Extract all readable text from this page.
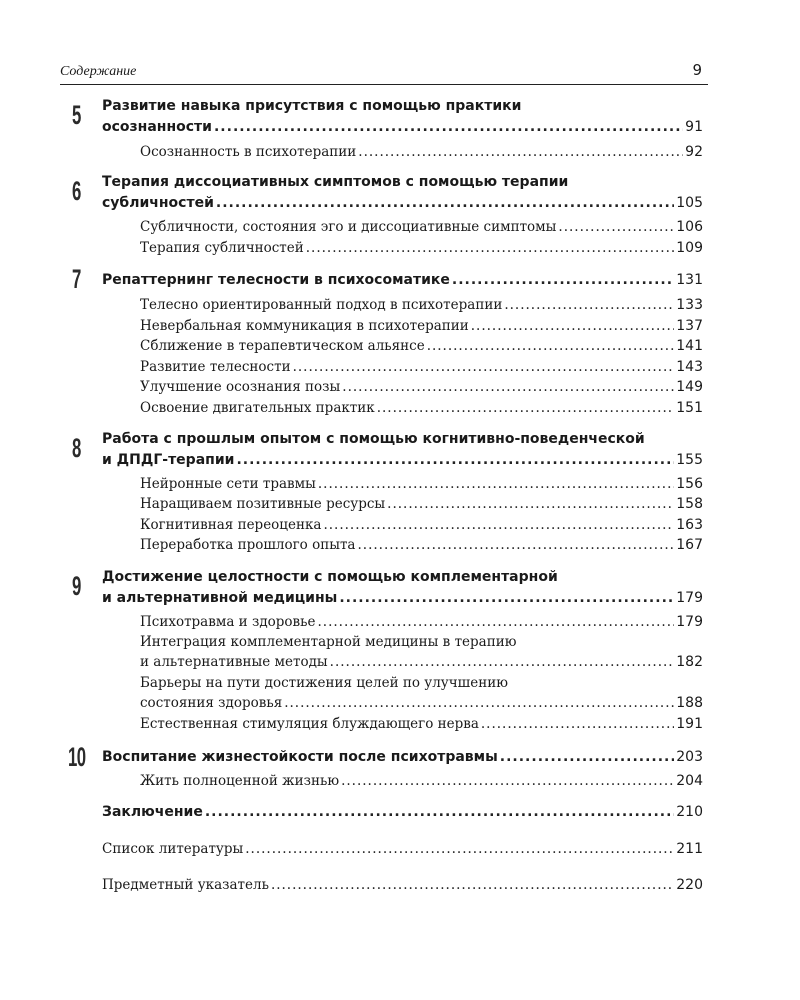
Содержание	9
5 Развитие навыка присутствия с помощью практики
осознанности .....	91
Осознанность в психотерапии .....	92
6 Терапия диссоциативных симптомов с помощью терапии
субличностей .....	105
Субличности, состояния эго и диссоциативные симптомы .....	106
Терапия субличностей .....	109
7 Репаттернинг телесности в психосоматике .....	131
Телесно ориентированный подход в психотерапии .....	133
Невербальная коммуникация в психотерапии .....	137
Сближение в терапевтическом альянсе .....	141
Развитие телесности .....	143
Улучшение осознания позы .....	149
Освоение двигательных практик .....	151
8 Работа с прошлым опытом с помощью когнитивно-поведенческой
и ДПДГ-терапии .....	155
Нейронные сети травмы .....	156
Наращиваем позитивные ресурсы .....	158
Когнитивная переоценка .....	163
Переработка прошлого опыта .....	167
9 Достижение целостности с помощью комплементарной
и альтернативной медицины .....	179
Психотравма и здоровье .....	179
Интеграция комплементарной медицины в терапию
и альтернативные методы .....	182
Барьеры на пути достижения целей по улучшению
состояния здоровья .....	188
Естественная стимуляция блуждающего нерва .....	191
10 Воспитание жизнестойкости после психотравмы .....	203
Жить полноценной жизнью .....	204
Заключение .....	210
Список литературы .....	211
Предметный указатель .....	220
